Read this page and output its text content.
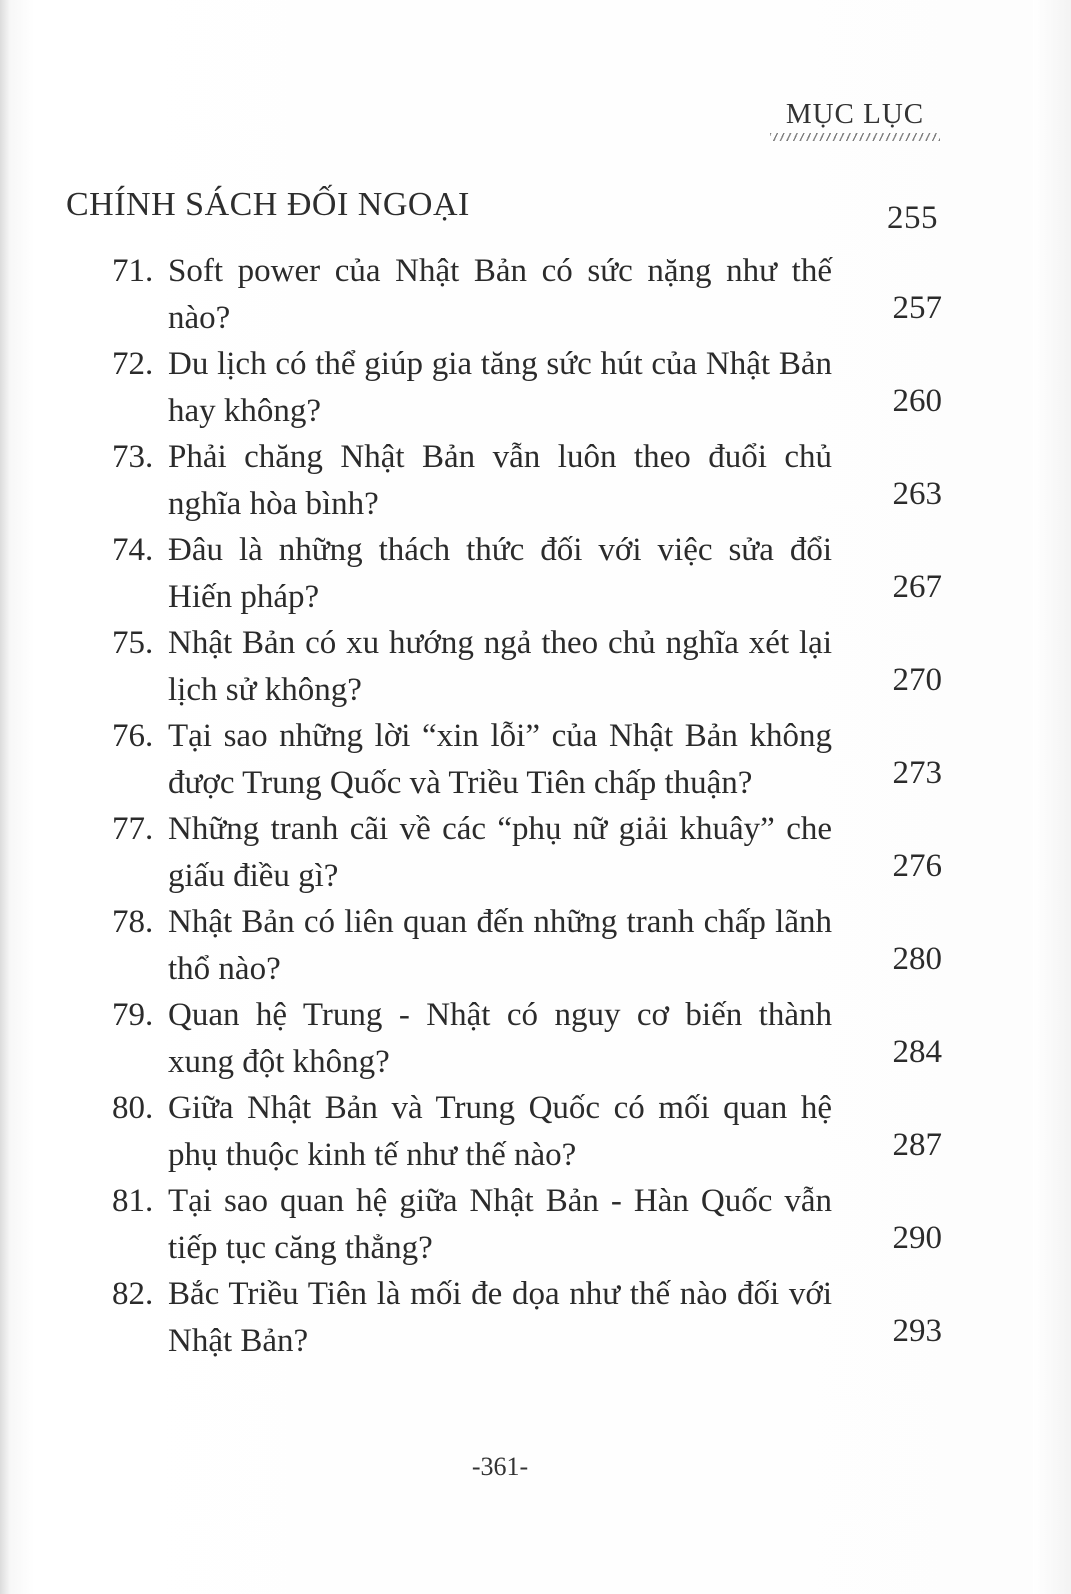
MỤC LỤC
CHÍNH SÁCH ĐỐI NGOẠI	255
71. Soft power của Nhật Bản có sức nặng như thế nào?	257
72. Du lịch có thể giúp gia tăng sức hút của Nhật Bản hay không?	260
73. Phải chăng Nhật Bản vẫn luôn theo đuổi chủ nghĩa hòa bình?	263
74. Đâu là những thách thức đối với việc sửa đổi Hiến pháp?	267
75. Nhật Bản có xu hướng ngả theo chủ nghĩa xét lại lịch sử không?	270
76. Tại sao những lời “xin lỗi” của Nhật Bản không được Trung Quốc và Triều Tiên chấp thuận?	273
77. Những tranh cãi về các “phụ nữ giải khuây” che giấu điều gì?	276
78. Nhật Bản có liên quan đến những tranh chấp lãnh thổ nào?	280
79. Quan hệ Trung - Nhật có nguy cơ biến thành xung đột không?	284
80. Giữa Nhật Bản và Trung Quốc có mối quan hệ phụ thuộc kinh tế như thế nào?	287
81. Tại sao quan hệ giữa Nhật Bản - Hàn Quốc vẫn tiếp tục căng thẳng?	290
82. Bắc Triều Tiên là mối đe dọa như thế nào đối với Nhật Bản?	293
-361-
